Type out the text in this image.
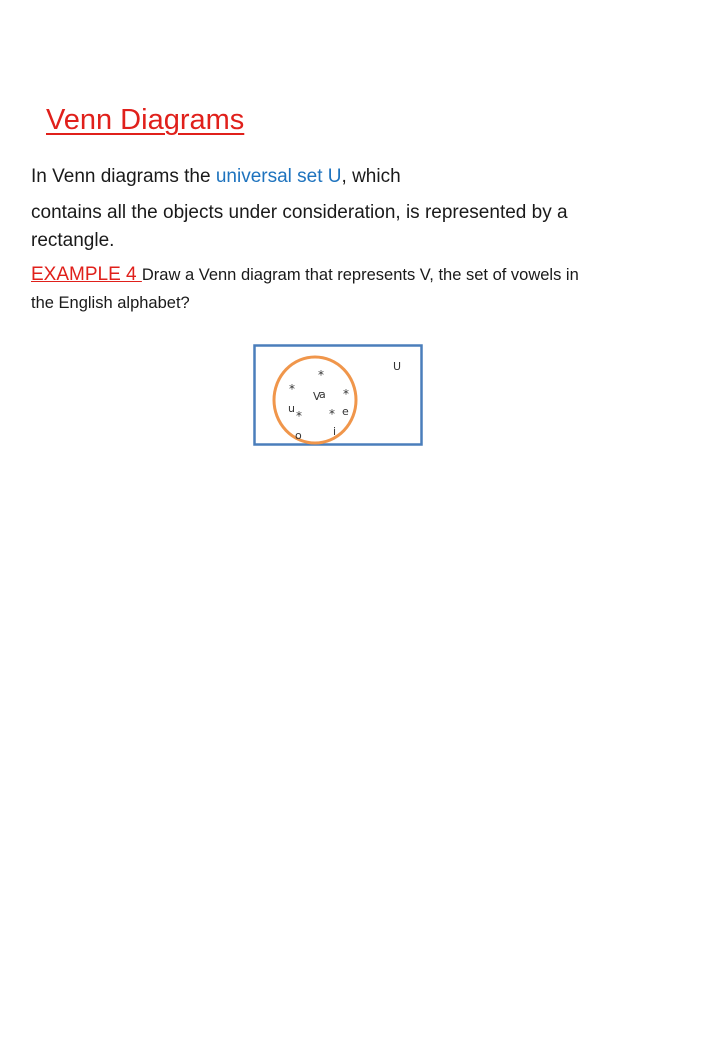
Venn Diagrams

In Venn diagrams the universal set U, which

contains all the objects under consideration, is represented by a

rectangle.

EXAMPLE 4 Draw a Venn diagram that represents V, the set of vowels in

the English alphabet?

U
V
*
a
*
u
*
e
*
o
*
i
